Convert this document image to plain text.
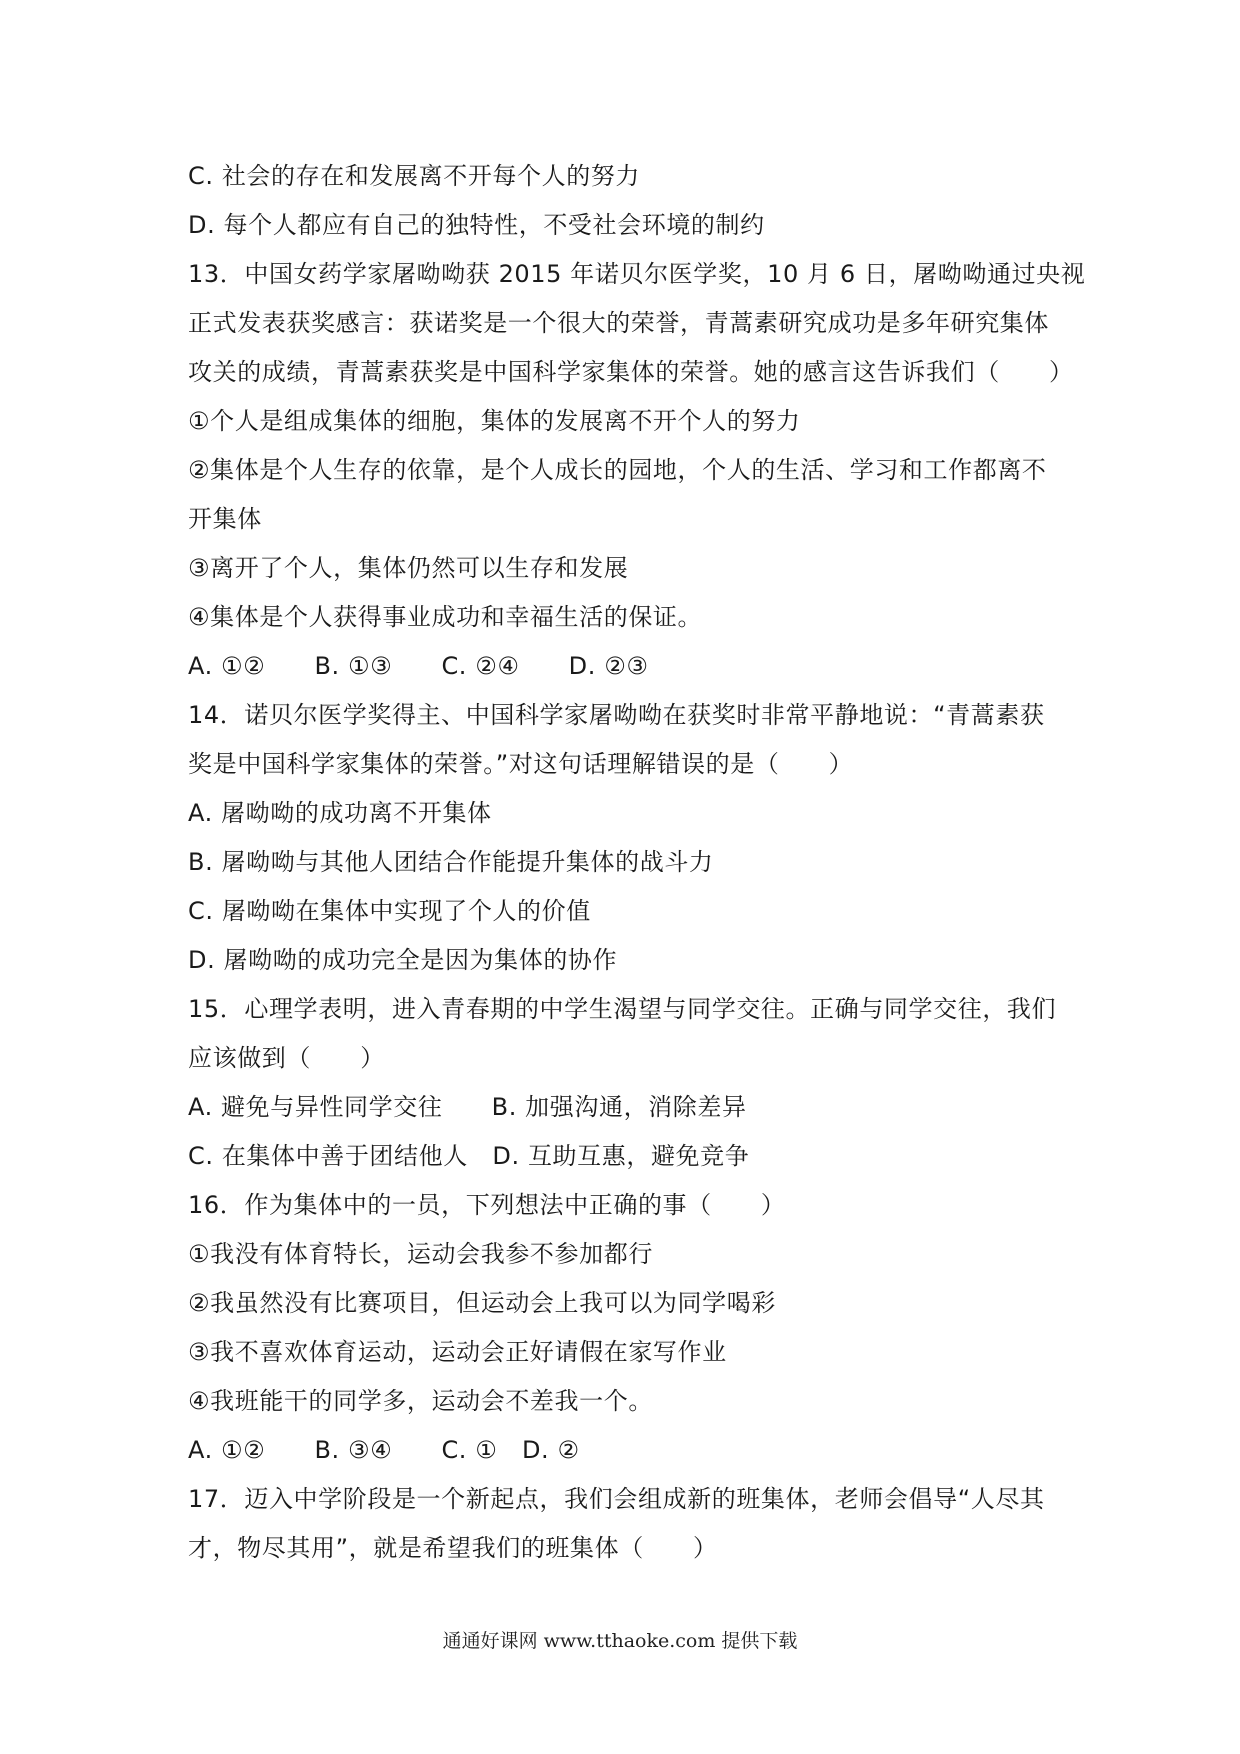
C. 社会的存在和发展离不开每个人的努力
D. 每个人都应有自己的独特性，不受社会环境的制约
13．中国女药学家屠呦呦获 2015 年诺贝尔医学奖，10 月 6 日，屠呦呦通过央视
正式发表获奖感言：获诺奖是一个很大的荣誉，青蒿素研究成功是多年研究集体
攻关的成绩，青蒿素获奖是中国科学家集体的荣誉。她的感言这告诉我们（　　）
①个人是组成集体的细胞，集体的发展离不开个人的努力
②集体是个人生存的依靠，是个人成长的园地，个人的生活、学习和工作都离不
开集体
③离开了个人，集体仍然可以生存和发展
④集体是个人获得事业成功和幸福生活的保证。
A. ①②　　B. ①③　　C. ②④　　D. ②③
14．诺贝尔医学奖得主、中国科学家屠呦呦在获奖时非常平静地说：“青蒿素获
奖是中国科学家集体的荣誉。”对这句话理解错误的是（　　）
A. 屠呦呦的成功离不开集体
B. 屠呦呦与其他人团结合作能提升集体的战斗力
C. 屠呦呦在集体中实现了个人的价值
D. 屠呦呦的成功完全是因为集体的协作
15．心理学表明，进入青春期的中学生渴望与同学交往。正确与同学交往，我们
应该做到（　　）
A. 避免与异性同学交往　　B. 加强沟通，消除差异
C. 在集体中善于团结他人　D. 互助互惠，避免竞争
16．作为集体中的一员，下列想法中正确的事（　　）
①我没有体育特长，运动会我参不参加都行
②我虽然没有比赛项目，但运动会上我可以为同学喝彩
③我不喜欢体育运动，运动会正好请假在家写作业
④我班能干的同学多，运动会不差我一个。
A. ①②　　B. ③④　　C. ①　D. ②
17．迈入中学阶段是一个新起点，我们会组成新的班集体，老师会倡导“人尽其
才，物尽其用”，就是希望我们的班集体（　　）
通通好课网 www.tthaoke.com 提供下载
